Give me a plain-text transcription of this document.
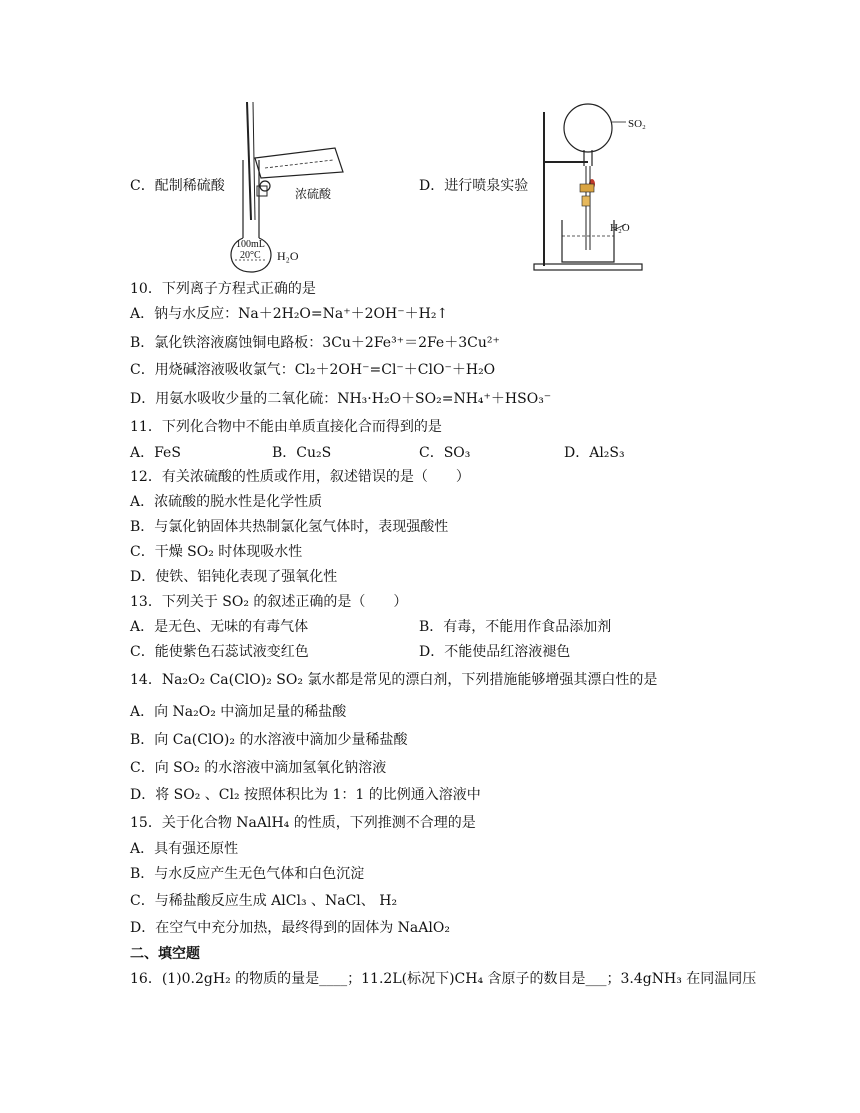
浓硫酸
100mL
20°C H₂O
C．配制稀硫酸	D．进行喷泉实验
SO₂
H₂O
10．下列离子方程式正确的是
A．钠与水反应：Na＋2H₂O=Na⁺＋2OH⁻＋H₂↑
B．氯化铁溶液腐蚀铜电路板：3Cu＋2Fe³⁺＝2Fe＋3Cu²⁺
C．用烧碱溶液吸收氯气：Cl₂＋2OH⁻=Cl⁻＋ClO⁻＋H₂O
D．用氨水吸收少量的二氧化硫：NH₃·H₂O＋SO₂=NH₄⁺＋HSO₃⁻
11．下列化合物中不能由单质直接化合而得到的是
A．FeS	B．Cu₂S	C．SO₃	D．Al₂S₃
12．有关浓硫酸的性质或作用，叙述错误的是（　　）
A．浓硫酸的脱水性是化学性质
B．与氯化钠固体共热制氯化氢气体时，表现强酸性
C．干燥 SO₂ 时体现吸水性
D．使铁、铝钝化表现了强氧化性
13．下列关于 SO₂ 的叙述正确的是（　　）
A．是无色、无味的有毒气体	B．有毒，不能用作食品添加剂
C．能使紫色石蕊试液变红色	D．不能使品红溶液褪色
14．Na₂O₂ Ca(ClO)₂ SO₂ 氯水都是常见的漂白剂，下列措施能够增强其漂白性的是
A．向 Na₂O₂ 中滴加足量的稀盐酸
B．向 Ca(ClO)₂ 的水溶液中滴加少量稀盐酸
C．向 SO₂ 的水溶液中滴加氢氧化钠溶液
D．将 SO₂ 、Cl₂ 按照体积比为 1：1 的比例通入溶液中
15．关于化合物 NaAlH₄ 的性质，下列推测不合理的是
A．具有强还原性
B．与水反应产生无色气体和白色沉淀
C．与稀盐酸反应生成 AlCl₃ 、NaCl、 H₂
D．在空气中充分加热，最终得到的固体为 NaAlO₂
二、填空题
16．(1)0.2gH₂ 的物质的量是____；11.2L(标况下)CH₄ 含原子的数目是___；3.4gNH₃ 在同温同压
